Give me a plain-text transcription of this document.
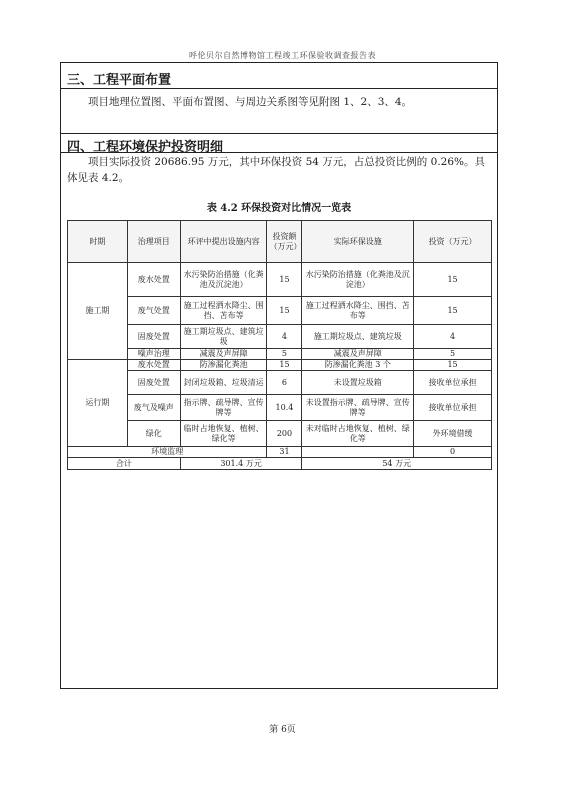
呼伦贝尔自然博物馆工程竣工环保验收调查报告表
三、工程平面布置
项目地理位置图、平面布置图、与周边关系图等见附图 1、2、3、4。
四、工程环境保护投资明细
项目实际投资 20686.95 万元，其中环保投资 54 万元，占总投资比例的 0.26%。具体见表 4.2。
表 4.2 环保投资对比情况一览表
时期	治理项目	环评中提出设施内容	投资额（万元）	实际环保设施	投资（万元）
施工期	废水处置	水污染防治措施（化粪池及沉淀池）	15	水污染防治措施（化粪池及沉淀池）	15
	废气处置	施工过程洒水降尘、围挡、苫布等	15	施工过程洒水降尘、围挡、苫布等	15
	固废处置	施工期垃圾点、建筑垃圾	4	施工期垃圾点、建筑垃圾	4
	噪声治理	减震及声屏障	5	减震及声屏障	5
运行期	废水处置	防渗漏化粪池	15	防渗漏化粪池 3 个	15
	固废处置	封闭垃圾箱、垃圾清运	6	未设置垃圾箱	接收单位承担
	废气及噪声	指示牌、疏导牌、宣传牌等	10.4	未设置指示牌、疏导牌、宣传牌等	接收单位承担
	绿化	临时占地恢复、植树、绿化等	200	未对临时占地恢复、植树、绿化等	外环境借缓
环境监理			31		0
合计		301.4 万元		54 万元	
第 6页
